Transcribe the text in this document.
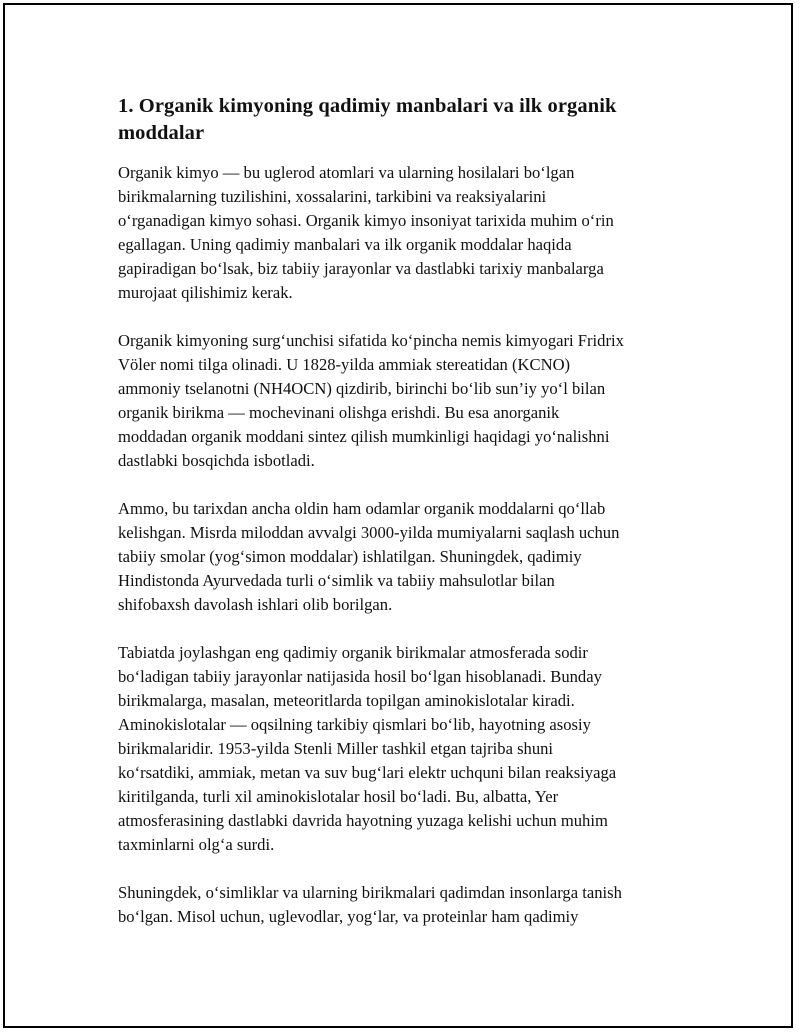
1. Organik kimyoning qadimiy manbalari va ilk organik
moddalar

Organik kimyo — bu uglerod atomlari va ularning hosilalari bo‘lgan
birikmalarning tuzilishini, xossalarini, tarkibini va reaksiyalarini
o‘rganadigan kimyo sohasi. Organik kimyo insoniyat tarixida muhim o‘rin
egallagan. Uning qadimiy manbalari va ilk organik moddalar haqida
gapiradigan bo‘lsak, biz tabiiy jarayonlar va dastlabki tarixiy manbalarga
murojaat qilishimiz kerak.

Organik kimyoning surg‘unchisi sifatida ko‘pincha nemis kimyogari Fridrix
Völer nomi tilga olinadi. U 1828-yilda ammiak stereatidan (KCNO)
ammoniy tselanotni (NH4OCN) qizdirib, birinchi bo‘lib sun’iy yo‘l bilan
organik birikma — mochevinani olishga erishdi. Bu esa anorganik
moddadan organik moddani sintez qilish mumkinligi haqidagi yo‘nalishni
dastlabki bosqichda isbotladi.

Ammo, bu tarixdan ancha oldin ham odamlar organik moddalarni qo‘llab
kelishgan. Misrda miloddan avvalgi 3000-yilda mumiyalarni saqlash uchun
tabiiy smolar (yog‘simon moddalar) ishlatilgan. Shuningdek, qadimiy
Hindistonda Ayurvedada turli o‘simlik va tabiiy mahsulotlar bilan
shifobaxsh davolash ishlari olib borilgan.

Tabiatda joylashgan eng qadimiy organik birikmalar atmosferada sodir
bo‘ladigan tabiiy jarayonlar natijasida hosil bo‘lgan hisoblanadi. Bunday
birikmalarga, masalan, meteoritlarda topilgan aminokislotalar kiradi.
Aminokislotalar — oqsilning tarkibiy qismlari bo‘lib, hayotning asosiy
birikmalaridir. 1953-yilda Stenli Miller tashkil etgan tajriba shuni
ko‘rsatdiki, ammiak, metan va suv bug‘lari elektr uchquni bilan reaksiyaga
kiritilganda, turli xil aminokislotalar hosil bo‘ladi. Bu, albatta, Yer
atmosferasining dastlabki davrida hayotning yuzaga kelishi uchun muhim
taxminlarni olg‘a surdi.

Shuningdek, o‘simliklar va ularning birikmalari qadimdan insonlarga tanish
bo‘lgan. Misol uchun, uglevodlar, yog‘lar, va proteinlar ham qadimiy
